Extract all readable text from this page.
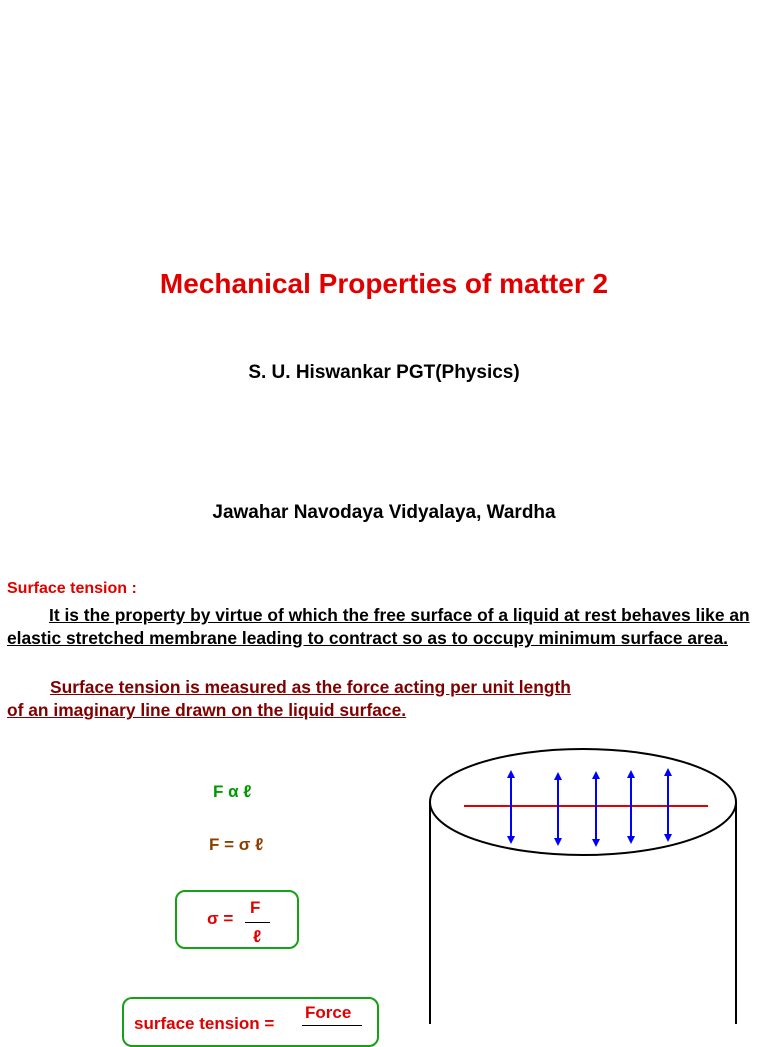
Mechanical Properties of matter 2
S. U. Hiswankar PGT(Physics)
Jawahar Navodaya Vidyalaya, Wardha
Surface tension :
It is the property by virtue of which the free surface of a liquid at rest behaves like an elastic stretched membrane leading to contract so as to occupy minimum surface area.
Surface tension is measured as the force acting per unit length
of an imaginary line drawn on the liquid surface.
F α ℓ
F = σ ℓ
σ =
F
ℓ
surface tension =
Force
